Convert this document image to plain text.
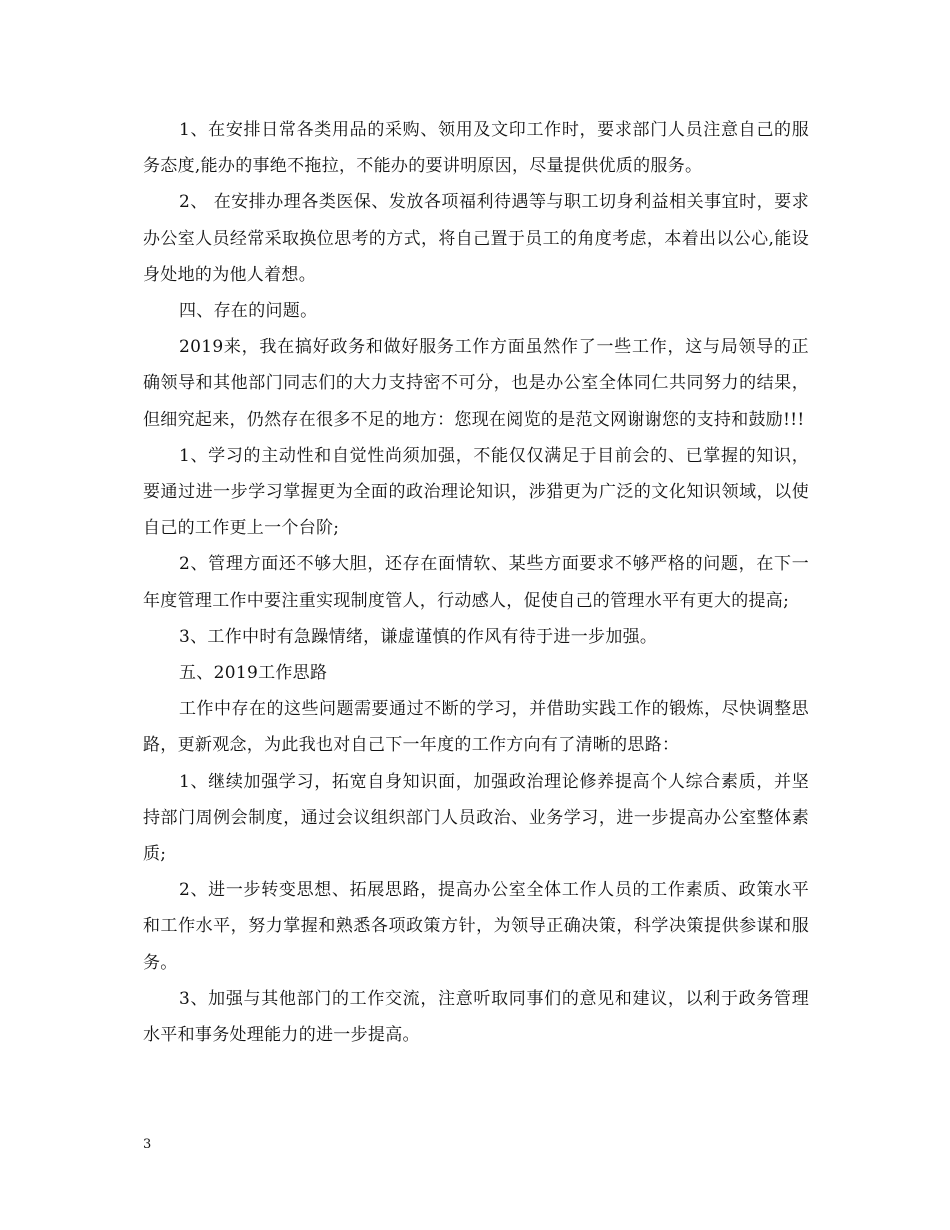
1、在安排日常各类用品的采购、领用及文印工作时，要求部门人员注意自己的服务态度,能办的事绝不拖拉，不能办的要讲明原因，尽量提供优质的服务。

2、 在安排办理各类医保、发放各项福利待遇等与职工切身利益相关事宜时，要求办公室人员经常采取换位思考的方式，将自己置于员工的角度考虑，本着出以公心,能设身处地的为他人着想。

四、存在的问题。

2019来，我在搞好政务和做好服务工作方面虽然作了一些工作，这与局领导的正确领导和其他部门同志们的大力支持密不可分，也是办公室全体同仁共同努力的结果，但细究起来，仍然存在很多不足的地方：您现在阅览的是范文网谢谢您的支持和鼓励!!!

1、学习的主动性和自觉性尚须加强，不能仅仅满足于目前会的、已掌握的知识，要通过进一步学习掌握更为全面的政治理论知识，涉猎更为广泛的文化知识领域，以使自己的工作更上一个台阶;

2、管理方面还不够大胆，还存在面情软、某些方面要求不够严格的问题，在下一年度管理工作中要注重实现制度管人，行动感人，促使自己的管理水平有更大的提高;

3、工作中时有急躁情绪，谦虚谨慎的作风有待于进一步加强。

五、2019工作思路

工作中存在的这些问题需要通过不断的学习，并借助实践工作的锻炼，尽快调整思路，更新观念，为此我也对自己下一年度的工作方向有了清晰的思路：

1、继续加强学习，拓宽自身知识面，加强政治理论修养提高个人综合素质，并坚持部门周例会制度，通过会议组织部门人员政治、业务学习，进一步提高办公室整体素质;

2、进一步转变思想、拓展思路，提高办公室全体工作人员的工作素质、政策水平和工作水平，努力掌握和熟悉各项政策方针，为领导正确决策，科学决策提供参谋和服务。

3、加强与其他部门的工作交流，注意听取同事们的意见和建议，以利于政务管理水平和事务处理能力的进一步提高。

3
